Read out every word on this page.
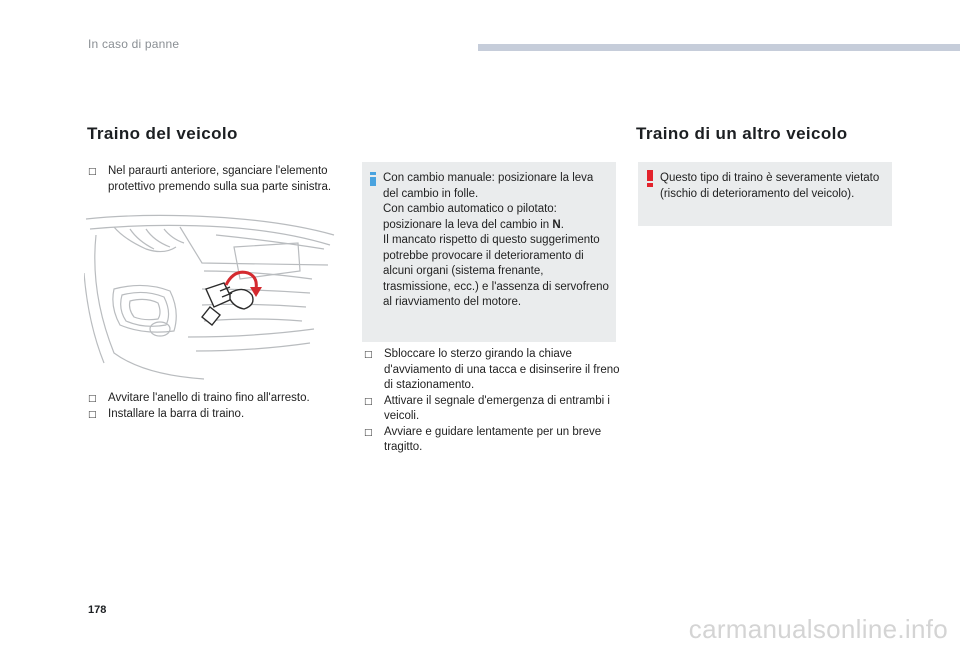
In caso di panne
Traino del veicolo	Traino di un altro veicolo
□ Nel paraurti anteriore, sganciare l'elemento protettivo premendo sulla sua parte sinistra.
□ Avvitare l'anello di traino fino all'arresto.
□ Installare la barra di traino.

Con cambio manuale: posizionare la leva del cambio in folle.

Con cambio automatico o pilotato: posizionare la leva del cambio in N.

Il mancato rispetto di questo suggerimento potrebbe provocare il deterioramento di alcuni organi (sistema frenante, trasmissione, ecc.) e l'assenza di servofreno al riavviamento del motore.

□ Sbloccare lo sterzo girando la chiave d'avviamento di una tacca e disinserire il freno di stazionamento.
□ Attivare il segnale d'emergenza di entrambi i veicoli.
□ Avviare e guidare lentamente per un breve tragitto.
Questo tipo di traino è severamente vietato (rischio di deterioramento del veicolo).
178
carmanualsonline.info
